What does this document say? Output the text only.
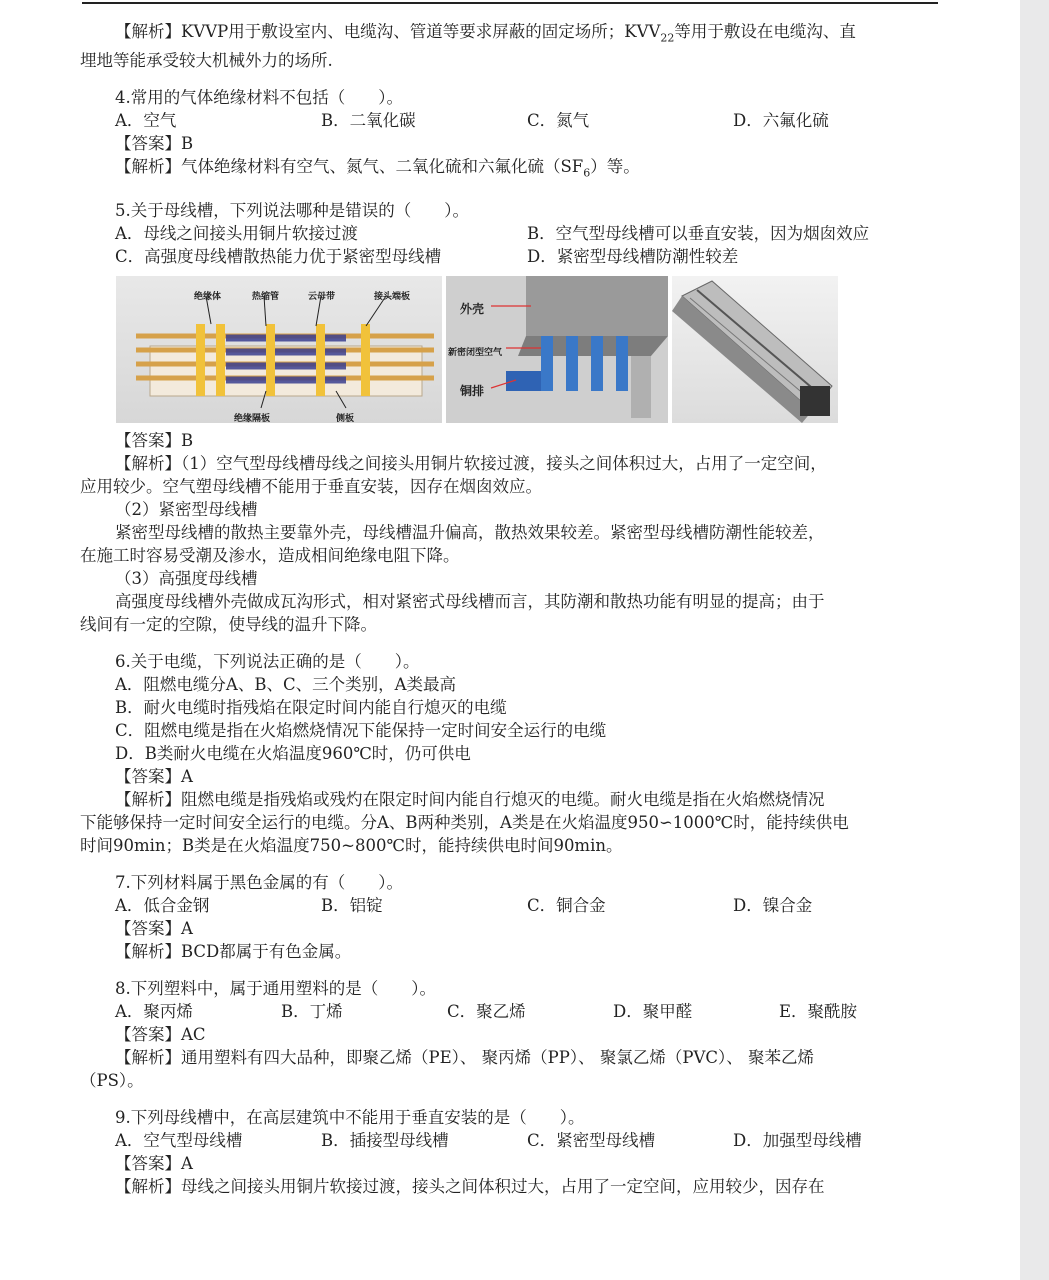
【解析】KVVP用于敷设室内、电缆沟、管道等要求屏蔽的固定场所；$KVV_{22}$等用于敷设在电缆沟、直

埋地等能承受较大机械外力的场所.

4.常用的气体绝缘材料不包括（　　）。

A．空气	B．二氧化碳	C．氮气	D．六氟化硫

【答案】B

【解析】气体绝缘材料有空气、氮气、二氧化硫和六氟化硫$(SF_6)$等。

5.关于母线槽，下列说法哪种是错误的（　　）。

A．母线之间接头用铜片软接过渡	B．空气型母线槽可以垂直安装，因为烟囱效应
C．高强度母线槽散热能力优于紧密型母线槽	D．紧密型母线槽防潮性较差
绝缘体	热缩管	云母带	接头端板
绝缘隔板	侧板
外壳
新密闭型空气
铜排

【答案】B

【解析】（1）空气型母线槽母线之间接头用铜片软接过渡，接头之间体积过大，占用了一定空间，

应用较少。空气塑母线槽不能用于垂直安装，因存在烟囱效应。

（2）紧密型母线槽

紧密型母线槽的散热主要靠外壳，母线槽温升偏高，散热效果较差。紧密型母线槽防潮性能较差，

在施工时容易受潮及渗水，造成相间绝缘电阻下降。

（3）高强度母线槽

高强度母线槽外壳做成瓦沟形式，相对紧密式母线槽而言，其防潮和散热功能有明显的提高；由于

线间有一定的空隙，使导线的温升下降。

6.关于电缆，下列说法正确的是（　　）。

A．阻燃电缆分A、B、C、三个类别，A类最高

B．耐火电缆时指残焰在限定时间内能自行熄灭的电缆

C．阻燃电缆是指在火焰燃烧情况下能保持一定时间安全运行的电缆

D．B类耐火电缆在火焰温度960℃时，仍可供电

【答案】A

【解析】阻燃电缆是指残焰或残灼在限定时间内能自行熄灭的电缆。耐火电缆是指在火焰燃烧情况

下能够保持一定时间安全运行的电缆。分A、B两种类别，A类是在火焰温度950∽1000℃时，能持续供电

时间90min；B类是在火焰温度750~800℃时，能持续供电时间90min。

7.下列材料属于黑色金属的有（　　）。

A．低合金钢	B．铝锭	C．铜合金	D．镍合金

【答案】A

【解析】BCD都属于有色金属。

8.下列塑料中，属于通用塑料的是（　　）。

A．聚丙烯	B．丁烯	C．聚乙烯	D．聚甲醛	E．聚酰胺

【答案】AC

【解析】通用塑料有四大品种，即聚乙烯（PE）、 聚丙烯（PP）、 聚氯乙烯（PVC）、 聚苯乙烯

（PS）。

9.下列母线槽中，在高层建筑中不能用于垂直安装的是（　　）。

A．空气型母线槽	B．插接型母线槽	C．紧密型母线槽	D．加强型母线槽

【答案】A

【解析】母线之间接头用铜片软接过渡，接头之间体积过大，占用了一定空间，应用较少，因存在
